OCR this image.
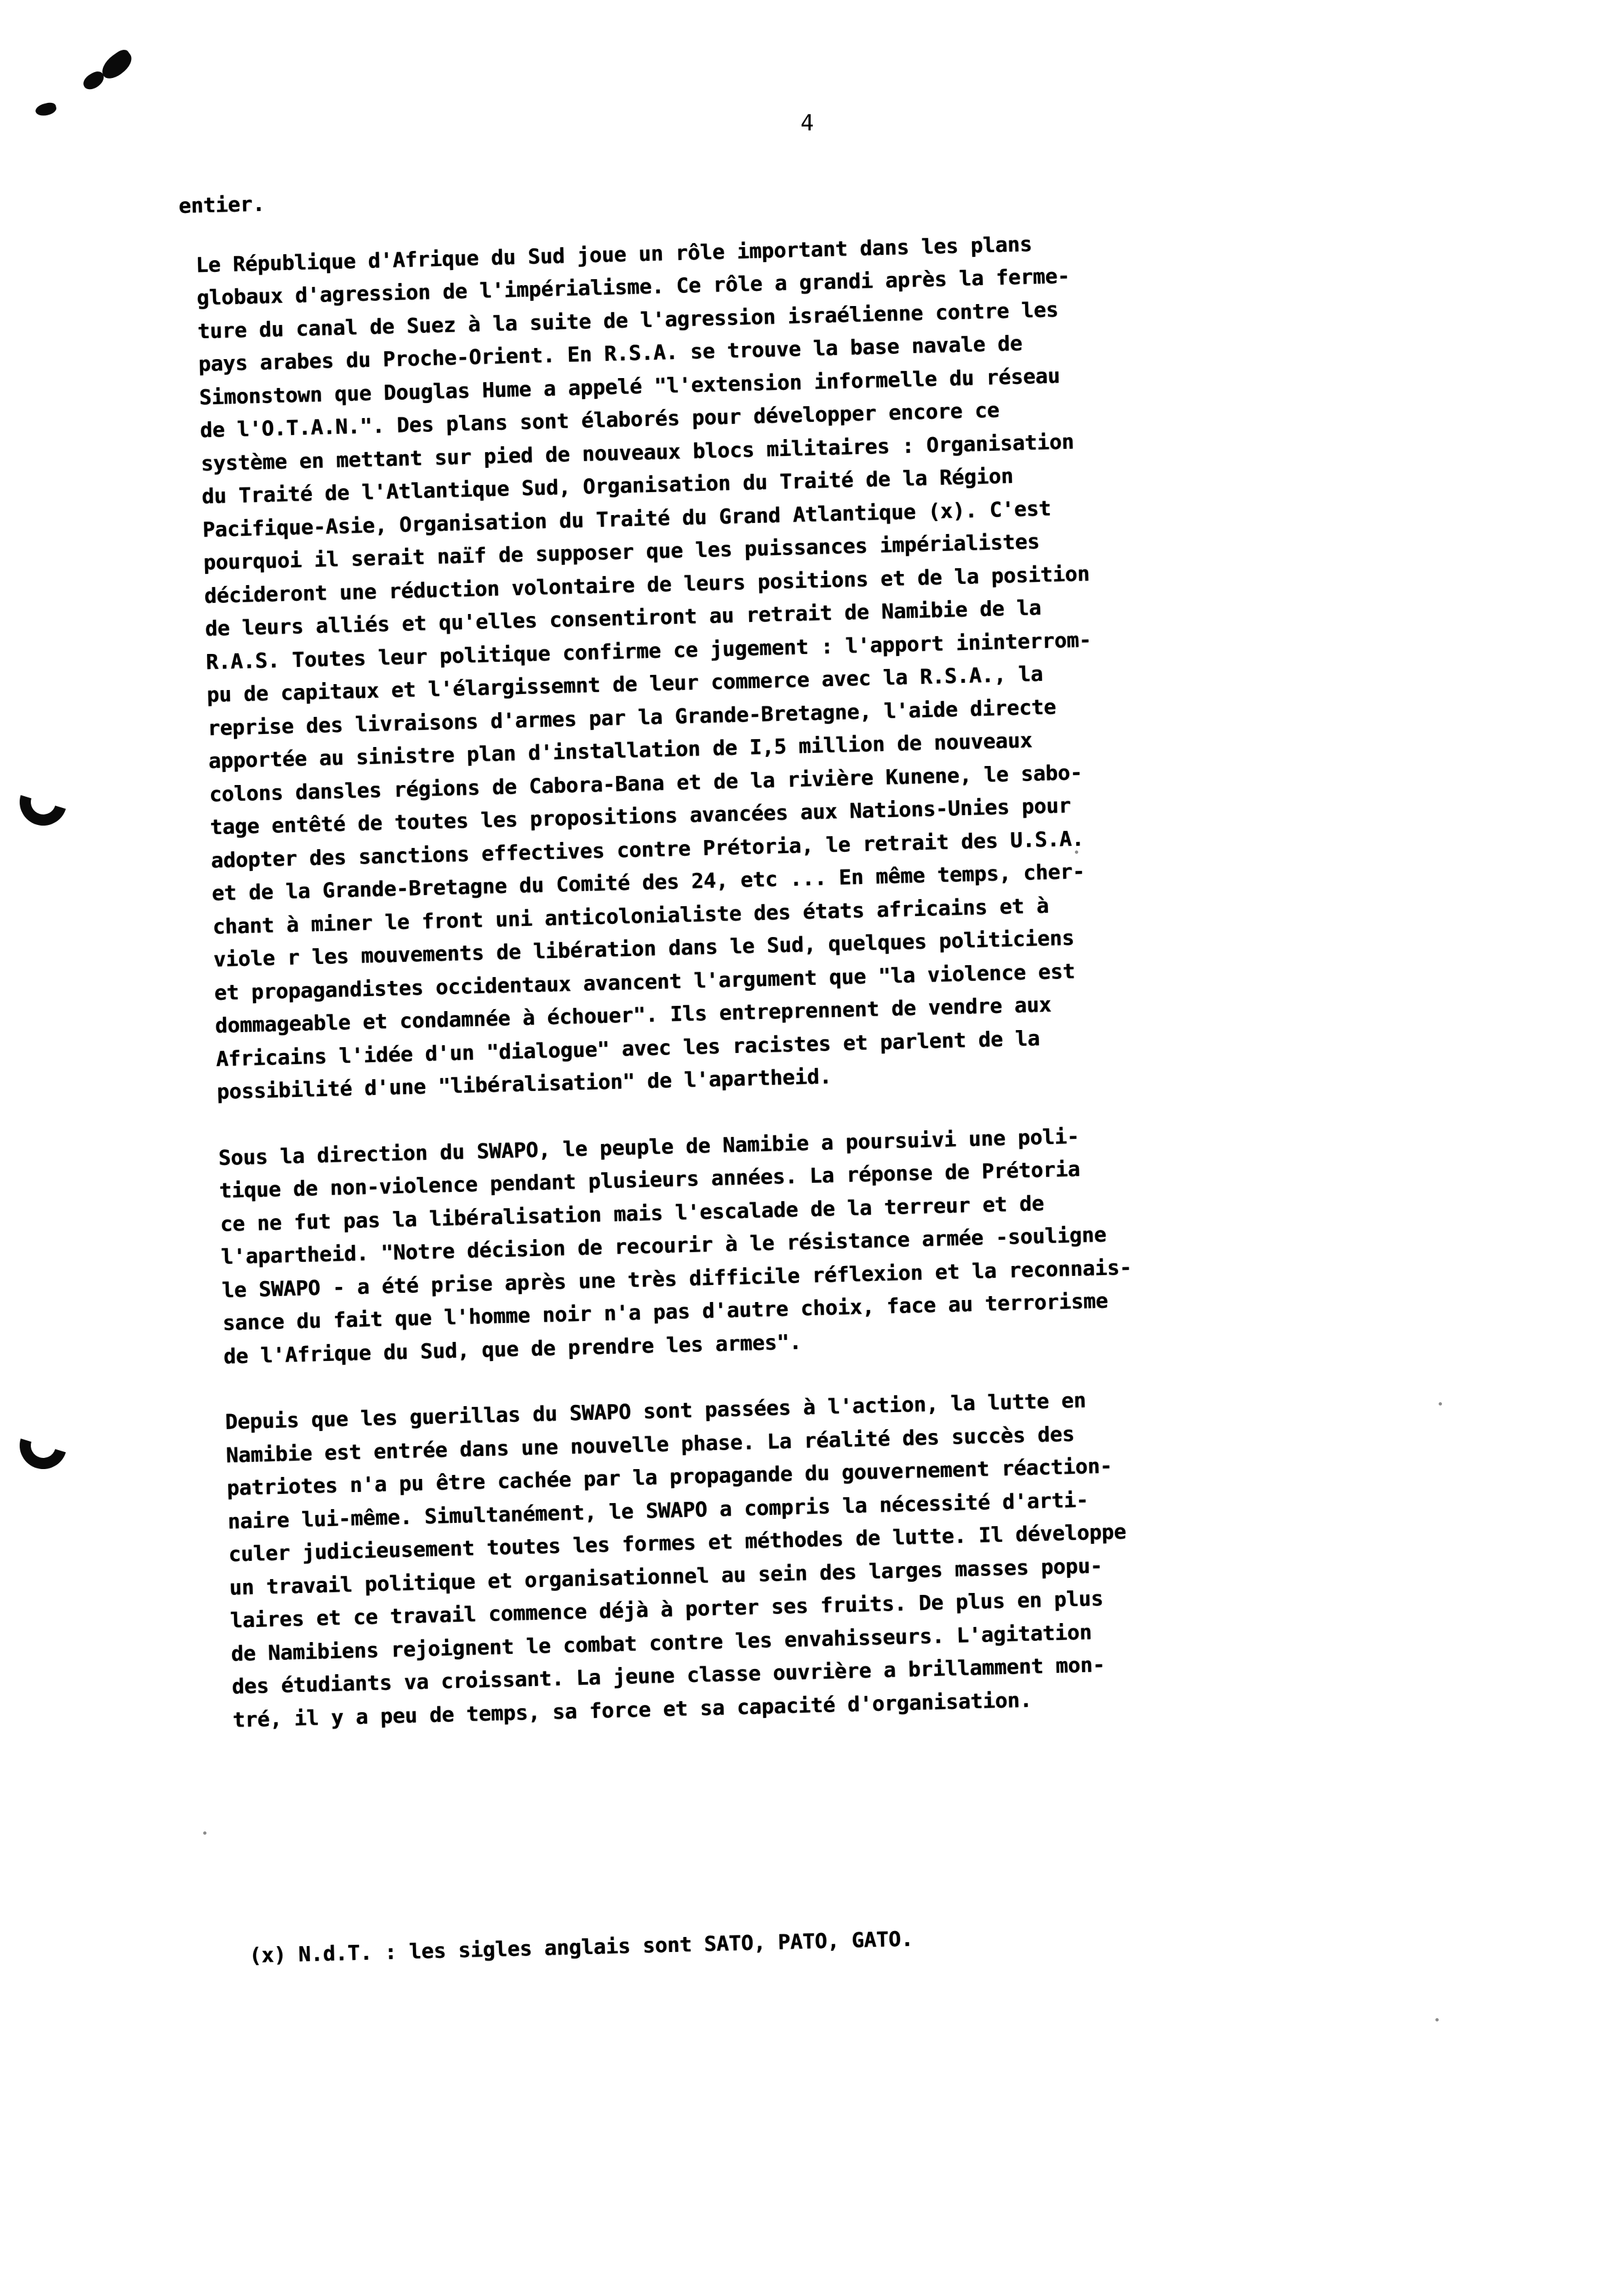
4
entier.
Le République d'Afrique du Sud joue un rôle important dans les plans
globaux d'agression de l'impérialisme. Ce rôle a grandi après la ferme-
ture du canal de Suez à la suite de l'agression israélienne contre les
pays arabes du Proche-Orient. En R.S.A. se trouve la base navale de
Simonstown que Douglas Hume a appelé "l'extension informelle du réseau
de l'O.T.A.N.". Des plans sont élaborés pour développer encore ce
système en mettant sur pied de nouveaux blocs militaires : Organisation
du Traité de l'Atlantique Sud, Organisation du Traité de la Région
Pacifique-Asie, Organisation du Traité du Grand Atlantique (x). C'est
pourquoi il serait naïf de supposer que les puissances impérialistes
décideront une réduction volontaire de leurs positions et de la position
de leurs alliés et qu'elles consentiront au retrait de Namibie de la
R.A.S. Toutes leur politique confirme ce jugement : l'apport ininterrom-
pu de capitaux et l'élargissemnt de leur commerce avec la R.S.A., la
reprise des livraisons d'armes par la Grande-Bretagne, l'aide directe
apportée au sinistre plan d'installation de I,5 million de nouveaux
colons dansles régions de Cabora-Bana et de la rivière Kunene, le sabo-
tage entêté de toutes les propositions avancées aux Nations-Unies pour
adopter des sanctions effectives contre Prétoria, le retrait des U.S.A.
et de la Grande-Bretagne du Comité des 24, etc ... En même temps, cher-
chant à miner le front uni anticolonialiste des états africains et à
viole r les mouvements de libération dans le Sud, quelques politiciens
et propagandistes occidentaux avancent l'argument que "la violence est
dommageable et condamnée à échouer". Ils entreprennent de vendre aux
Africains l'idée d'un "dialogue" avec les racistes et parlent de la
possibilité d'une "libéralisation" de l'apartheid.
Sous la direction du SWAPO, le peuple de Namibie a poursuivi une poli-
tique de non-violence pendant plusieurs années. La réponse de Prétoria
ce ne fut pas la libéralisation mais l'escalade de la terreur et de
l'apartheid. "Notre décision de recourir à le résistance armée -souligne
le SWAPO - a été prise après une très difficile réflexion et la reconnais-
sance du fait que l'homme noir n'a pas d'autre choix, face au terrorisme
de l'Afrique du Sud, que de prendre les armes".
Depuis que les guerillas du SWAPO sont passées à l'action, la lutte en
Namibie est entrée dans une nouvelle phase. La réalité des succès des
patriotes n'a pu être cachée par la propagande du gouvernement réaction-
naire lui-même. Simultanément, le SWAPO a compris la nécessité d'arti-
culer judicieusement toutes les formes et méthodes de lutte. Il développe
un travail politique et organisationnel au sein des larges masses popu-
laires et ce travail commence déjà à porter ses fruits. De plus en plus
de Namibiens rejoignent le combat contre les envahisseurs. L'agitation
des étudiants va croissant. La jeune classe ouvrière a brillamment mon-
tré, il y a peu de temps, sa force et sa capacité d'organisation.
(x) N.d.T. : les sigles anglais sont SATO, PATO, GATO.
